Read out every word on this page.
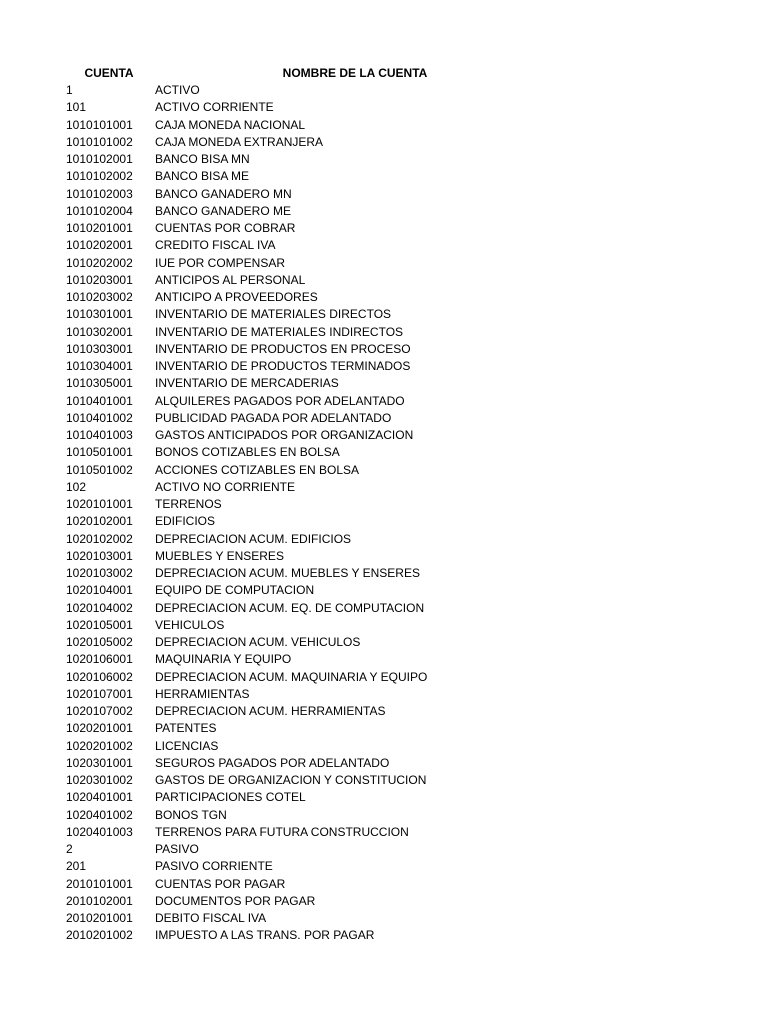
CUENTA	NOMBRE DE LA CUENTA
1	ACTIVO
101	ACTIVO CORRIENTE
1010101001	CAJA MONEDA NACIONAL
1010101002	CAJA MONEDA EXTRANJERA
1010102001	BANCO BISA MN
1010102002	BANCO BISA ME
1010102003	BANCO GANADERO MN
1010102004	BANCO GANADERO ME
1010201001	CUENTAS POR COBRAR
1010202001	CREDITO FISCAL IVA
1010202002	IUE POR COMPENSAR
1010203001	ANTICIPOS AL PERSONAL
1010203002	ANTICIPO A PROVEEDORES
1010301001	INVENTARIO DE MATERIALES DIRECTOS
1010302001	INVENTARIO DE MATERIALES INDIRECTOS
1010303001	INVENTARIO DE PRODUCTOS EN PROCESO
1010304001	INVENTARIO DE PRODUCTOS TERMINADOS
1010305001	INVENTARIO DE MERCADERIAS
1010401001	ALQUILERES PAGADOS POR ADELANTADO
1010401002	PUBLICIDAD PAGADA POR ADELANTADO
1010401003	GASTOS ANTICIPADOS POR ORGANIZACION
1010501001	BONOS COTIZABLES EN BOLSA
1010501002	ACCIONES COTIZABLES EN BOLSA
102	ACTIVO NO CORRIENTE
1020101001	TERRENOS
1020102001	EDIFICIOS
1020102002	DEPRECIACION ACUM. EDIFICIOS
1020103001	MUEBLES Y ENSERES
1020103002	DEPRECIACION ACUM. MUEBLES Y ENSERES
1020104001	EQUIPO DE COMPUTACION
1020104002	DEPRECIACION ACUM. EQ. DE COMPUTACION
1020105001	VEHICULOS
1020105002	DEPRECIACION ACUM. VEHICULOS
1020106001	MAQUINARIA Y EQUIPO
1020106002	DEPRECIACION ACUM. MAQUINARIA Y EQUIPO
1020107001	HERRAMIENTAS
1020107002	DEPRECIACION ACUM. HERRAMIENTAS
1020201001	PATENTES
1020201002	LICENCIAS
1020301001	SEGUROS PAGADOS POR ADELANTADO
1020301002	GASTOS DE ORGANIZACION Y CONSTITUCION
1020401001	PARTICIPACIONES COTEL
1020401002	BONOS TGN
1020401003	TERRENOS PARA FUTURA CONSTRUCCION
2	PASIVO
201	PASIVO CORRIENTE
2010101001	CUENTAS POR PAGAR
2010102001	DOCUMENTOS POR PAGAR
2010201001	DEBITO FISCAL IVA
2010201002	IMPUESTO A LAS TRANS. POR PAGAR
